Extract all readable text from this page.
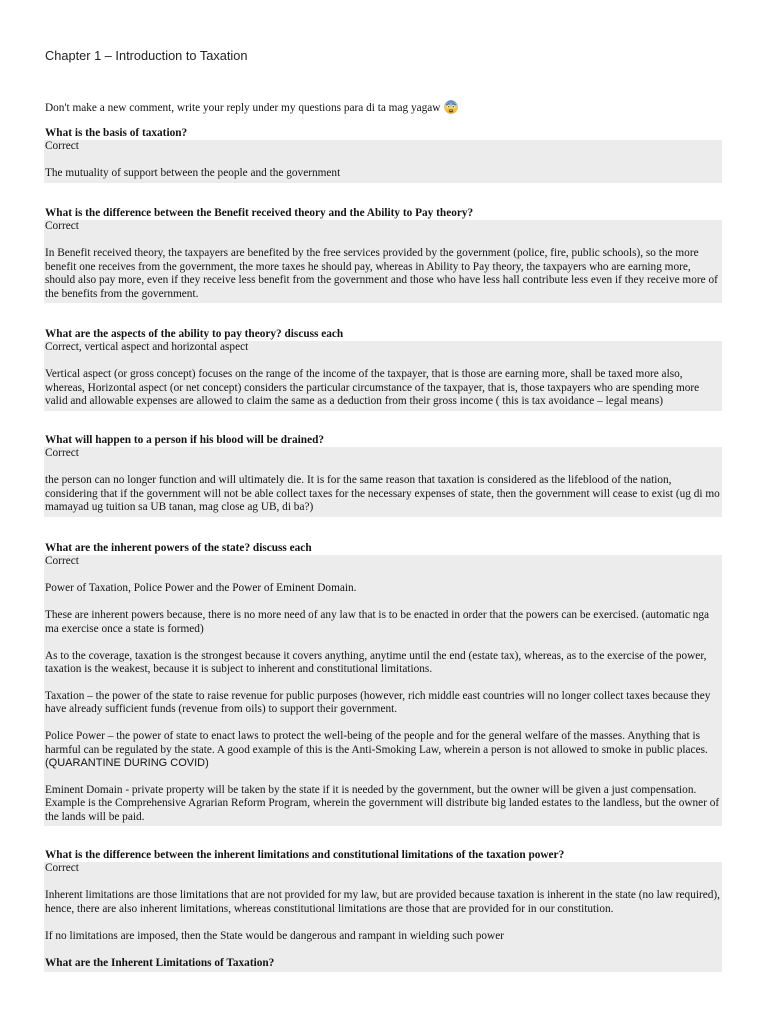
Chapter 1 – Introduction to Taxation
Don't make a new comment, write your reply under my questions para di ta mag yagaw
What is the basis of taxation?
Correct
The mutuality of support between the people and the government
What is the difference between the Benefit received theory and the Ability to Pay theory?
Correct
In Benefit received theory, the taxpayers are benefited by the free services provided by the government (police, fire, public schools), so the more
benefit one receives from the government, the more taxes he should pay, whereas in Ability to Pay theory, the taxpayers who are earning more,
should also pay more, even if they receive less benefit from the government and those who have less hall contribute less even if they receive more of
the benefits from the government.
What are the aspects of the ability to pay theory? discuss each
Correct, vertical aspect and horizontal aspect
Vertical aspect (or gross concept) focuses on the range of the income of the taxpayer, that is those are earning more, shall be taxed more also,
whereas, Horizontal aspect (or net concept) considers the particular circumstance of the taxpayer, that is, those taxpayers who are spending more
valid and allowable expenses are allowed to claim the same as a deduction from their gross income ( this is tax avoidance – legal means)
What will happen to a person if his blood will be drained?
Correct
the person can no longer function and will ultimately die. It is for the same reason that taxation is considered as the lifeblood of the nation,
considering that if the government will not be able collect taxes for the necessary expenses of state, then the government will cease to exist (ug di mo
mamayad ug tuition sa UB tanan, mag close ag UB, di ba?)
What are the inherent powers of the state? discuss each
Correct
Power of Taxation, Police Power and the Power of Eminent Domain.
These are inherent powers because, there is no more need of any law that is to be enacted in order that the powers can be exercised. (automatic nga
ma exercise once a state is formed)
As to the coverage, taxation is the strongest because it covers anything, anytime until the end (estate tax), whereas, as to the exercise of the power,
taxation is the weakest, because it is subject to inherent and constitutional limitations.
Taxation – the power of the state to raise revenue for public purposes (however, rich middle east countries will no longer collect taxes because they
have already sufficient funds (revenue from oils) to support their government.
Police Power – the power of state to enact laws to protect the well-being of the people and for the general welfare of the masses. Anything that is
harmful can be regulated by the state. A good example of this is the Anti-Smoking Law, wherein a person is not allowed to smoke in public places.
(QUARANTINE DURING COVID)
Eminent Domain - private property will be taken by the state if it is needed by the government, but the owner will be given a just compensation.
Example is the Comprehensive Agrarian Reform Program, wherein the government will distribute big landed estates to the landless, but the owner of
the lands will be paid.
What is the difference between the inherent limitations and constitutional limitations of the taxation power?
Correct
Inherent limitations are those limitations that are not provided for my law, but are provided because taxation is inherent in the state (no law required),
hence, there are also inherent limitations, whereas constitutional limitations are those that are provided for in our constitution.
If no limitations are imposed, then the State would be dangerous and rampant in wielding such power
What are the Inherent Limitations of Taxation?
